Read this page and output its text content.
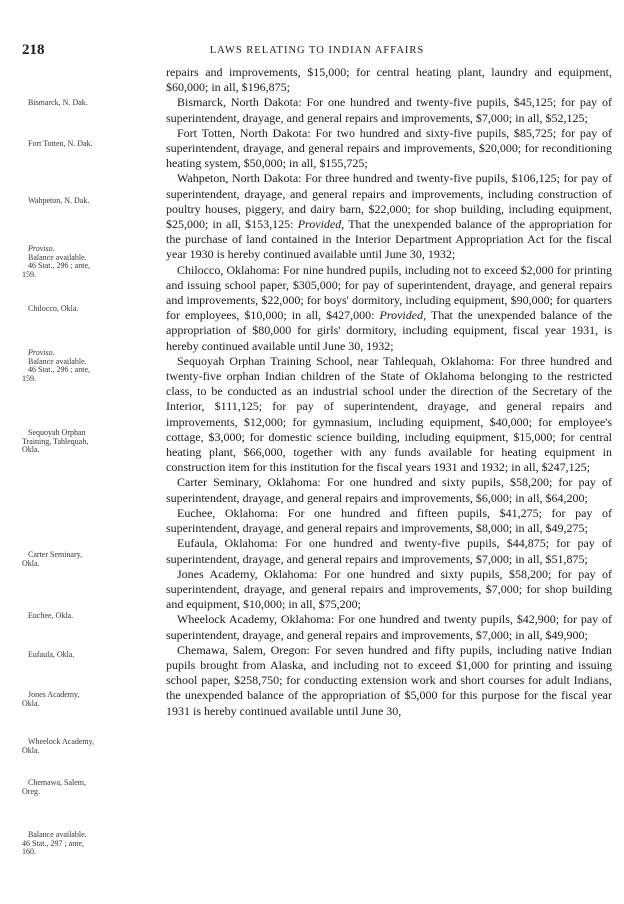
218	LAWS RELATING TO INDIAN AFFAIRS
Bismarck, N. Dak.
Fort Totten, N. Dak.
Wahpeton, N. Dak.
Proviso.
Balance available.
46 Stat., 296 ; ante,
159.
Chilocco, Okla.
Proviso.
Balance available.
46 Stat., 296 ; ante,
159.
Sequoyah Orphan
Training, Tahlequah,
Okla.
Carter Seminary,
Okla.
Euchee, Okla.
Eufaula, Okla.
Jones Academy,
Okla.
Wheelock Academy,
Okla.
Chemawa, Salem,
Oreg.
Balance available.
46 Stat., 297 ; ante,
160.

repairs and improvements, $15,000; for central heating plant, laundry and equipment, $60,000; in all, $196,875;

Bismarck, North Dakota: For one hundred and twenty-five pupils, $45,125; for pay of superintendent, drayage, and general repairs and improvements, $7,000; in all, $52,125;

Fort Totten, North Dakota: For two hundred and sixty-five pupils, $85,725; for pay of superintendent, drayage, and general repairs and improvements, $20,000; for reconditioning heating system, $50,000; in all, $155,725;

Wahpeton, North Dakota: For three hundred and twenty-five pupils, $106,125; for pay of superintendent, drayage, and general repairs and improvements, including construction of poultry houses, piggery, and dairy barn, $22,000; for shop building, including equipment, $25,000; in all, $153,125: Provided, That the unexpended balance of the appropriation for the purchase of land contained in the Interior Department Appropriation Act for the fiscal year 1930 is hereby continued available until June 30, 1932;

Chilocco, Oklahoma: For nine hundred pupils, including not to exceed $2,000 for printing and issuing school paper, $305,000; for pay of superintendent, drayage, and general repairs and improvements, $22,000; for boys' dormitory, including equipment, $90,000; for quarters for employees, $10,000; in all, $427,000: Provided, That the unexpended balance of the appropriation of $80,000 for girls' dormitory, including equipment, fiscal year 1931, is hereby continued available until June 30, 1932;

Sequoyah Orphan Training School, near Tahlequah, Oklahoma: For three hundred and twenty-five orphan Indian children of the State of Oklahoma belonging to the restricted class, to be conducted as an industrial school under the direction of the Secretary of the Interior, $111,125; for pay of superintendent, drayage, and general repairs and improvements, $12,000; for gymnasium, including equipment, $40,000; for employee's cottage, $3,000; for domestic science building, including equipment, $15,000; for central heating plant, $66,000, together with any funds available for heating equipment in construction item for this institution for the fiscal years 1931 and 1932; in all, $247,125;

Carter Seminary, Oklahoma: For one hundred and sixty pupils, $58,200; for pay of superintendent, drayage, and general repairs and improvements, $6,000; in all, $64,200;

Euchee, Oklahoma: For one hundred and fifteen pupils, $41,275; for pay of superintendent, drayage, and general repairs and improvements, $8,000; in all, $49,275;

Eufaula, Oklahoma: For one hundred and twenty-five pupils, $44,875; for pay of superintendent, drayage, and general repairs and improvements, $7,000; in all, $51,875;

Jones Academy, Oklahoma: For one hundred and sixty pupils, $58,200; for pay of superintendent, drayage, and general repairs and improvements, $7,000; for shop building and equipment, $10,000; in all, $75,200;

Wheelock Academy, Oklahoma: For one hundred and twenty pupils, $42,900; for pay of superintendent, drayage, and general repairs and improvements, $7,000; in all, $49,900;

Chemawa, Salem, Oregon: For seven hundred and fifty pupils, including native Indian pupils brought from Alaska, and including not to exceed $1,000 for printing and issuing school paper, $258,750; for conducting extension work and short courses for adult Indians, the unexpended balance of the appropriation of $5,000 for this purpose for the fiscal year 1931 is hereby continued available until June 30,
